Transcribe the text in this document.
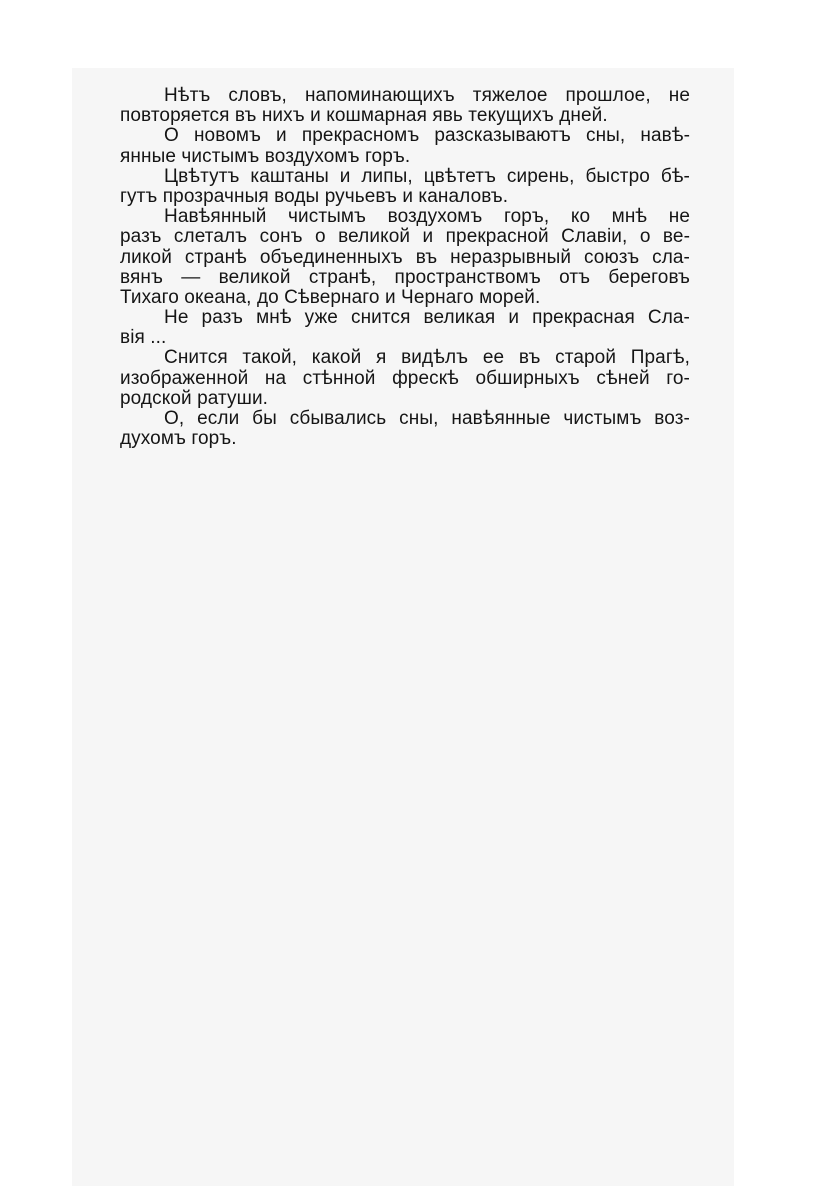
Нѣтъ словъ, напоминающихъ тяжелое прошлое, не
повторяется въ нихъ и кошмарная явь текущихъ дней.
О новомъ и прекрасномъ разсказываютъ сны, навѣ-
янные чистымъ воздухомъ горъ.
Цвѣтутъ каштаны и липы, цвѣтетъ сирень, быстро бѣ-
гутъ прозрачныя воды ручьевъ и каналовъ.
Навѣянный чистымъ воздухомъ горъ, ко мнѣ не
разъ слеталъ сонъ о великой и прекрасной Славіи, о ве-
ликой странѣ объединенныхъ въ неразрывный союзъ сла-
вянъ — великой странѣ, пространствомъ отъ береговъ
Тихаго океана, до Сѣвернаго и Чернаго морей.
Не разъ мнѣ уже снится великая и прекрасная Сла-
вія ...
Снится такой, какой я видѣлъ ее въ старой Прагѣ,
изображенной на стѣнной фрескѣ обширныхъ сѣней го-
родской ратуши.
О, если бы сбывались сны, навѣянные чистымъ воз-
духомъ горъ.
